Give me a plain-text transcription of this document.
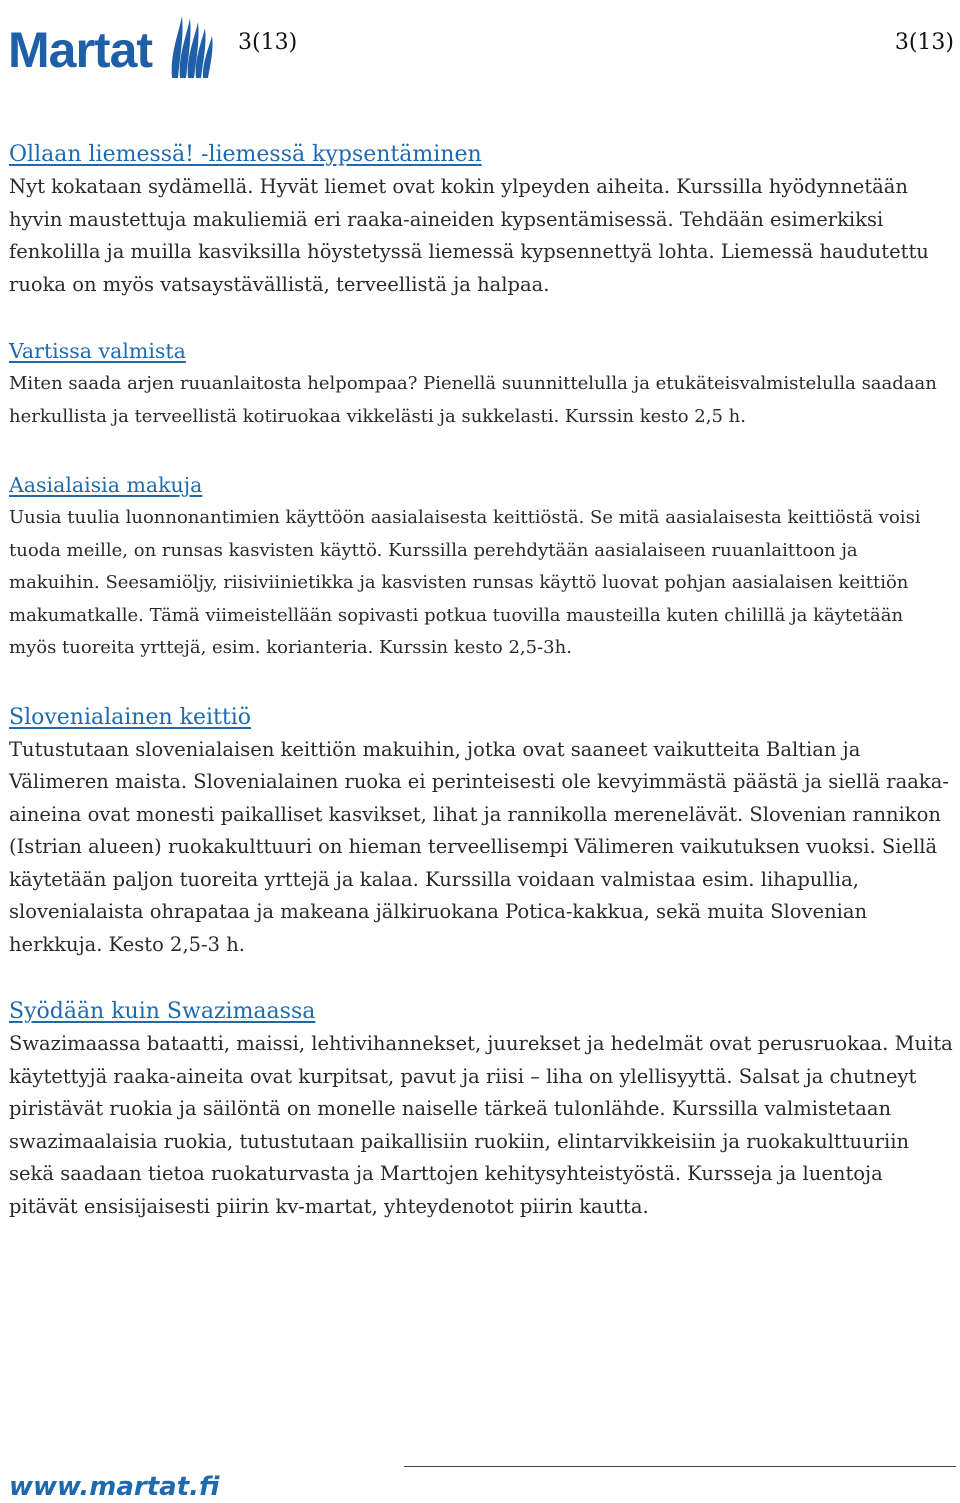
Martat	3(13)	3(13)
Ollaan liemessä! -liemessä kypsentäminen

Nyt kokataan sydämellä. Hyvät liemet ovat kokin ylpeyden aiheita. Kurssilla hyödynnetään hyvin maustettuja makuliemiä eri raaka-aineiden kypsentämisessä. Tehdään esimerkiksi fenkolilla ja muilla kasviksilla höystetyssä liemessä kypsennettyä lohta. Liemessä haudutettu ruoka on myös vatsaystävällistä, terveellistä ja halpaa.

Vartissa valmista

Miten saada arjen ruuanlaitosta helpompaa? Pienellä suunnittelulla ja etukäteisvalmistelulla saadaan herkullista ja terveellistä kotiruokaa vikkelästi ja sukkelasti. Kurssin kesto 2,5 h.

Aasialaisia makuja

Uusia tuulia luonnonantimien käyttöön aasialaisesta keittiöstä. Se mitä aasialaisesta keittiöstä voisi tuoda meille, on runsas kasvisten käyttö. Kurssilla perehdytään aasialaiseen ruuanlaittoon ja makuihin. Seesamiöljy, riisiviinietikka ja kasvisten runsas käyttö luovat pohjan aasialaisen keittiön makumatkalle. Tämä viimeistellään sopivasti potkua tuovilla mausteilla kuten chilillä ja käytetään myös tuoreita yrttejä, esim. korianteria. Kurssin kesto 2,5-3h.

Slovenialainen keittiö

Tutustutaan slovenialaisen keittiön makuihin, jotka ovat saaneet vaikutteita Baltian ja Välimeren maista. Slovenialainen ruoka ei perinteisesti ole kevyimmästä päästä ja siellä raaka-aineina ovat monesti paikalliset kasvikset, lihat ja rannikolla merenelävät. Slovenian rannikon (Istrian alueen) ruokakulttuuri on hieman terveellisempi Välimeren vaikutuksen vuoksi. Siellä käytetään paljon tuoreita yrttejä ja kalaa. Kurssilla voidaan valmistaa esim. lihapullia, slovenialaista ohrapataa ja makeana jälkiruokana Potica-kakkua, sekä muita Slovenian herkkuja. Kesto 2,5-3 h.

Syödään kuin Swazimaassa

Swazimaassa bataatti, maissi, lehtivihannekset, juurekset ja hedelmät ovat perusruokaa. Muita käytettyjä raaka-aineita ovat kurpitsat, pavut ja riisi – liha on ylellisyyttä. Salsat ja chutneyt piristävät ruokia ja säilöntä on monelle naiselle tärkeä tulonlähde. Kurssilla valmistetaan swazimaalaisia ruokia, tutustutaan paikallisiin ruokiin, elintarvikkeisiin ja ruokakulttuuriin sekä saadaan tietoa ruokaturvasta ja Marttojen kehitysyhteistyöstä. Kursseja ja luentoja pitävät ensisijaisesti piirin kv-martat, yhteydenotot piirin kautta.

www.martat.fi
